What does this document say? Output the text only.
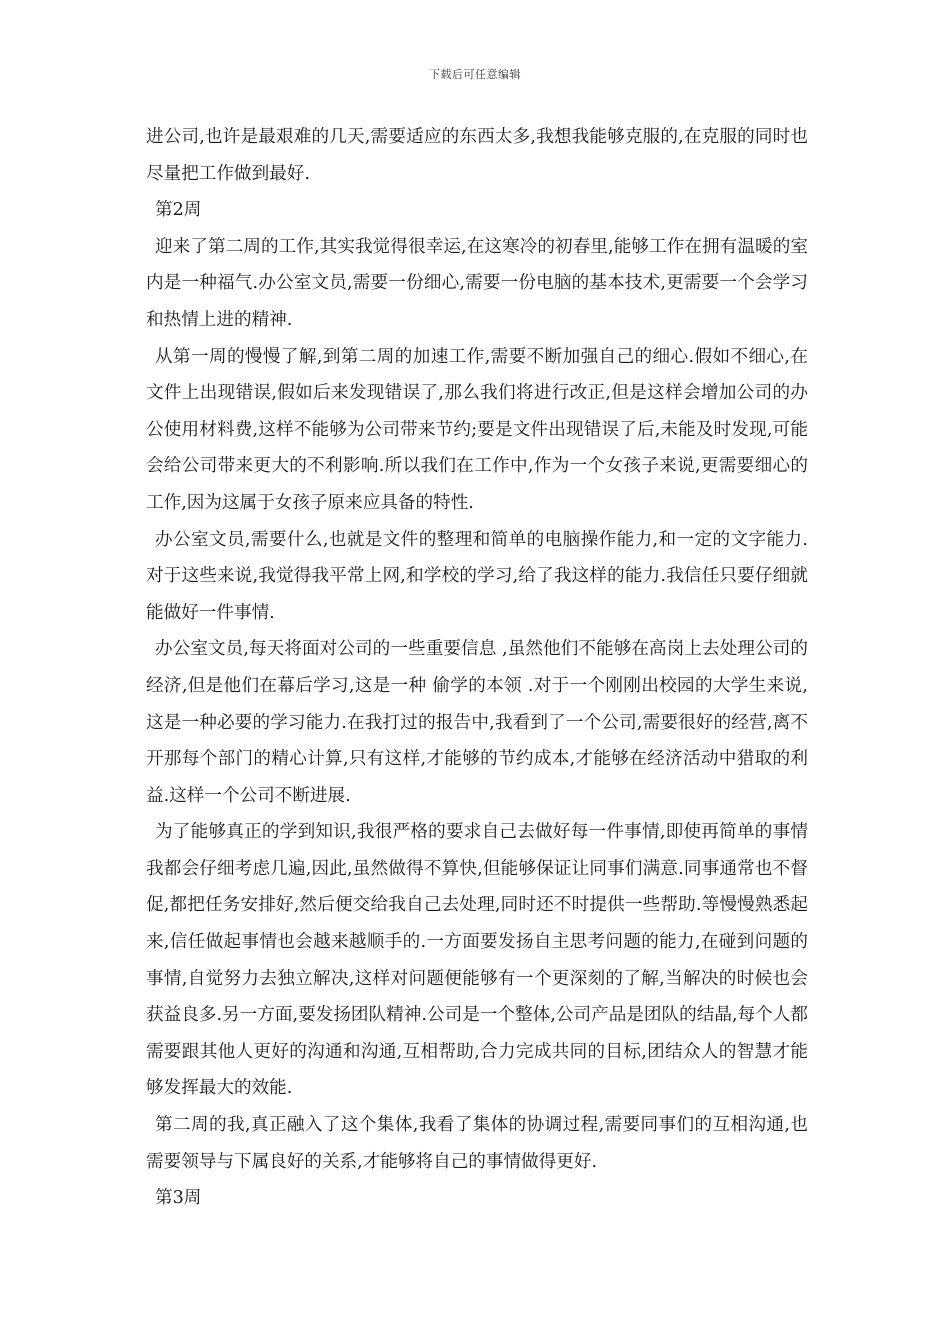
下载后可任意编辑

进公司,也许是最艰难的几天,需要适应的东西太多,我想我能够克服的,在克服的同时也尽量把工作做到最好.

第2周

迎来了第二周的工作,其实我觉得很幸运,在这寒冷的初春里,能够工作在拥有温暖的室内是一种福气.办公室文员,需要一份细心,需要一份电脑的基本技术,更需要一个会学习和热情上进的精神.

从第一周的慢慢了解,到第二周的加速工作,需要不断加强自己的细心.假如不细心,在文件上出现错误,假如后来发现错误了,那么我们将进行改正,但是这样会增加公司的办公使用材料费,这样不能够为公司带来节约;要是文件出现错误了后,未能及时发现,可能会给公司带来更大的不利影响.所以我们在工作中,作为一个女孩子来说,更需要细心的工作,因为这属于女孩子原来应具备的特性.

办公室文员,需要什么,也就是文件的整理和简单的电脑操作能力,和一定的文字能力.对于这些来说,我觉得我平常上网,和学校的学习,给了我这样的能力.我信任只要仔细就能做好一件事情.

办公室文员,每天将面对公司的一些重要信息 ,虽然他们不能够在高岗上去处理公司的经济,但是他们在幕后学习,这是一种 偷学的本领 .对于一个刚刚出校园的大学生来说,这是一种必要的学习能力.在我打过的报告中,我看到了一个公司,需要很好的经营,离不开那每个部门的精心计算,只有这样,才能够的节约成本,才能够在经济活动中猎取的利益.这样一个公司不断进展.

为了能够真正的学到知识,我很严格的要求自己去做好每一件事情,即使再简单的事情我都会仔细考虑几遍,因此,虽然做得不算快,但能够保证让同事们满意.同事通常也不督促,都把任务安排好,然后便交给我自己去处理,同时还不时提供一些帮助.等慢慢熟悉起来,信任做起事情也会越来越顺手的.一方面要发扬自主思考问题的能力,在碰到问题的事情,自觉努力去独立解决,这样对问题便能够有一个更深刻的了解,当解决的时候也会获益良多.另一方面,要发扬团队精神.公司是一个整体,公司产品是团队的结晶,每个人都需要跟其他人更好的沟通和沟通,互相帮助,合力完成共同的目标,团结众人的智慧才能够发挥最大的效能.

第二周的我,真正融入了这个集体,我看了集体的协调过程,需要同事们的互相沟通,也需要领导与下属良好的关系,才能够将自己的事情做得更好.

第3周
